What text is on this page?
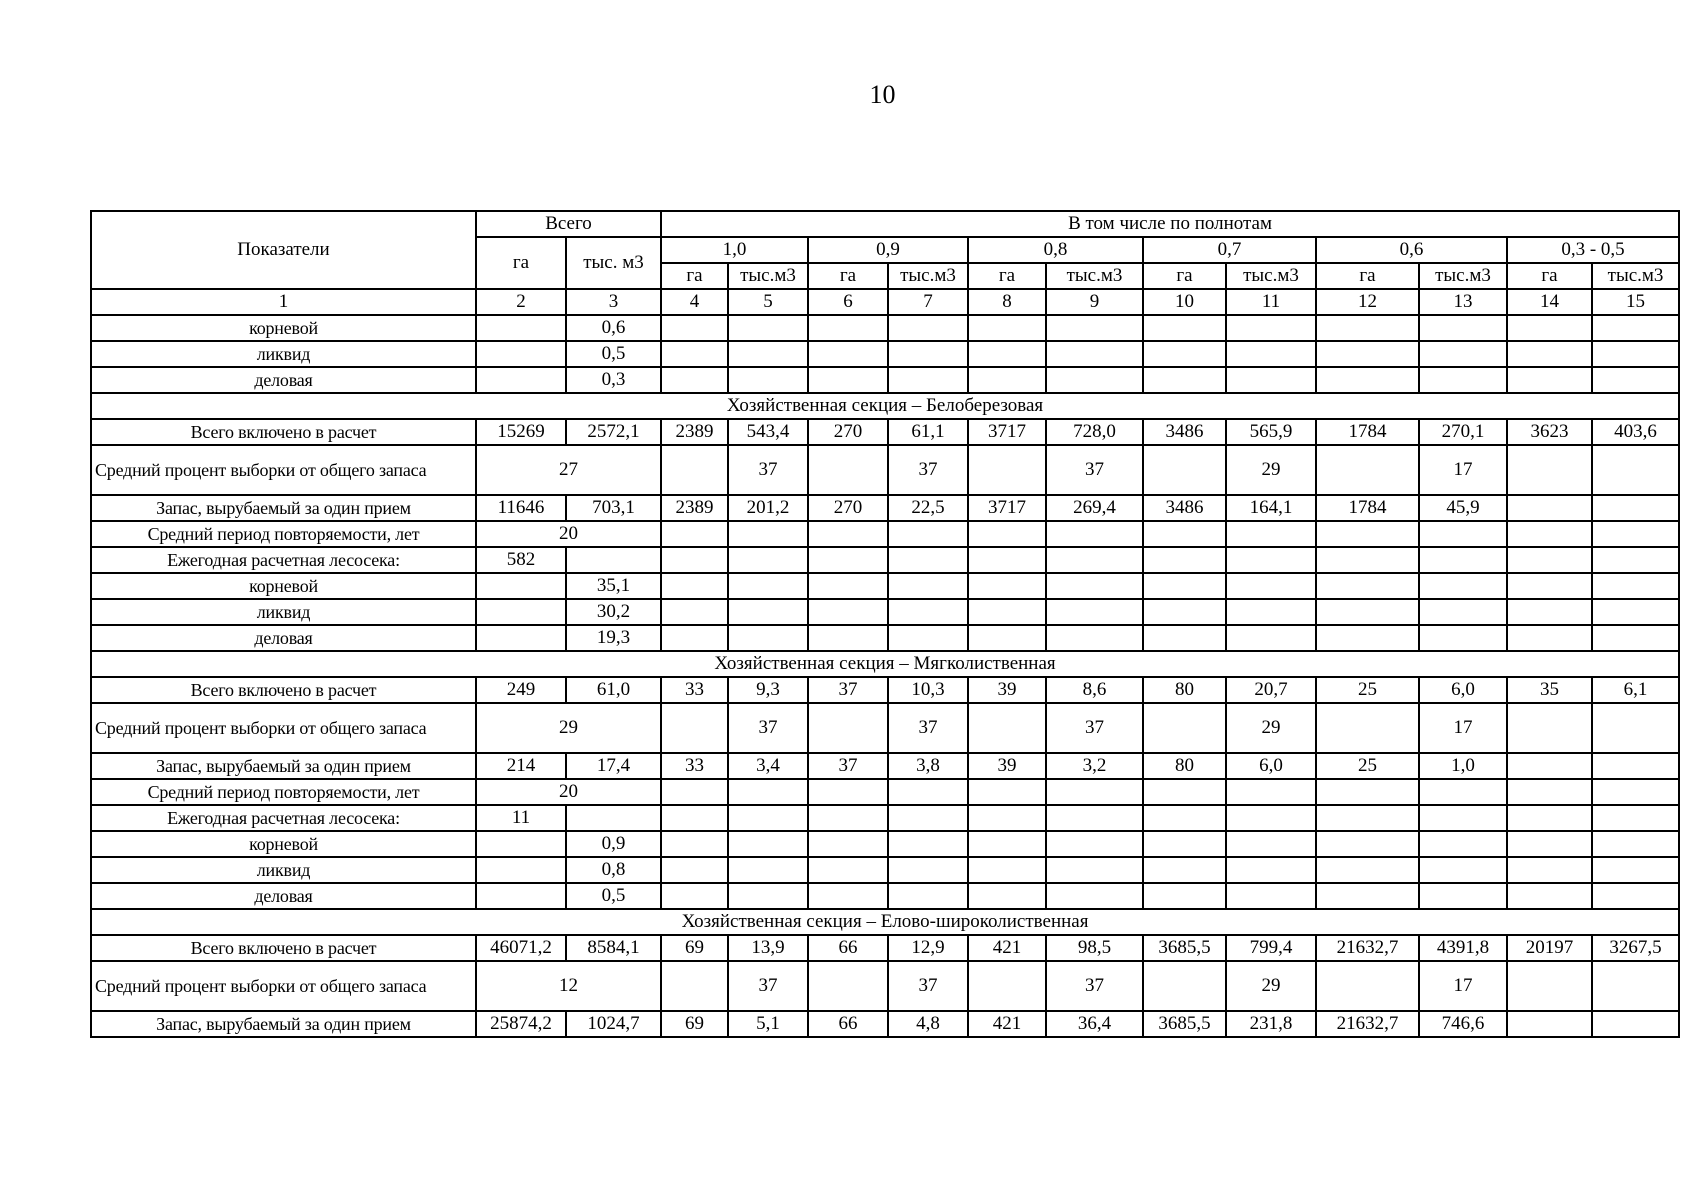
10
Показатели	Всего		В том числе по полнотам											
	га	тыс. м3	1,0		0,9		0,8		0,7		0,6		0,3 - 0,5	
			га	тыс.м3	га	тыс.м3	га	тыс.м3	га	тыс.м3	га	тыс.м3	га	тыс.м3
1	2	3	4	5	6	7	8	9	10	11	12	13	14	15
корневой		0,6												
ликвид		0,5												
деловая		0,3												
Хозяйственная секция – Белоберезовая														
Всего включено в расчет	15269	2572,1	2389	543,4	270	61,1	3717	728,0	3486	565,9	1784	270,1	3623	403,6
Средний процент выборки от общего запаса	27			37		37		37		29		17		
Запас, вырубаемый за один прием	11646	703,1	2389	201,2	270	22,5	3717	269,4	3486	164,1	1784	45,9		
Средний период повторяемости, лет	20													
Ежегодная расчетная лесосека:	582													
корневой		35,1												
ликвид		30,2												
деловая		19,3												
Хозяйственная секция – Мягколиственная														
Всего включено в расчет	249	61,0	33	9,3	37	10,3	39	8,6	80	20,7	25	6,0	35	6,1
Средний процент выборки от общего запаса	29			37		37		37		29		17		
Запас, вырубаемый за один прием	214	17,4	33	3,4	37	3,8	39	3,2	80	6,0	25	1,0		
Средний период повторяемости, лет	20													
Ежегодная расчетная лесосека:	11													
корневой		0,9												
ликвид		0,8												
деловая		0,5												
Хозяйственная секция – Елово-широколиственная														
Всего включено в расчет	46071,2	8584,1	69	13,9	66	12,9	421	98,5	3685,5	799,4	21632,7	4391,8	20197	3267,5
Средний процент выборки от общего запаса	12			37		37		37		29		17		
Запас, вырубаемый за один прием	25874,2	1024,7	69	5,1	66	4,8	421	36,4	3685,5	231,8	21632,7	746,6		
